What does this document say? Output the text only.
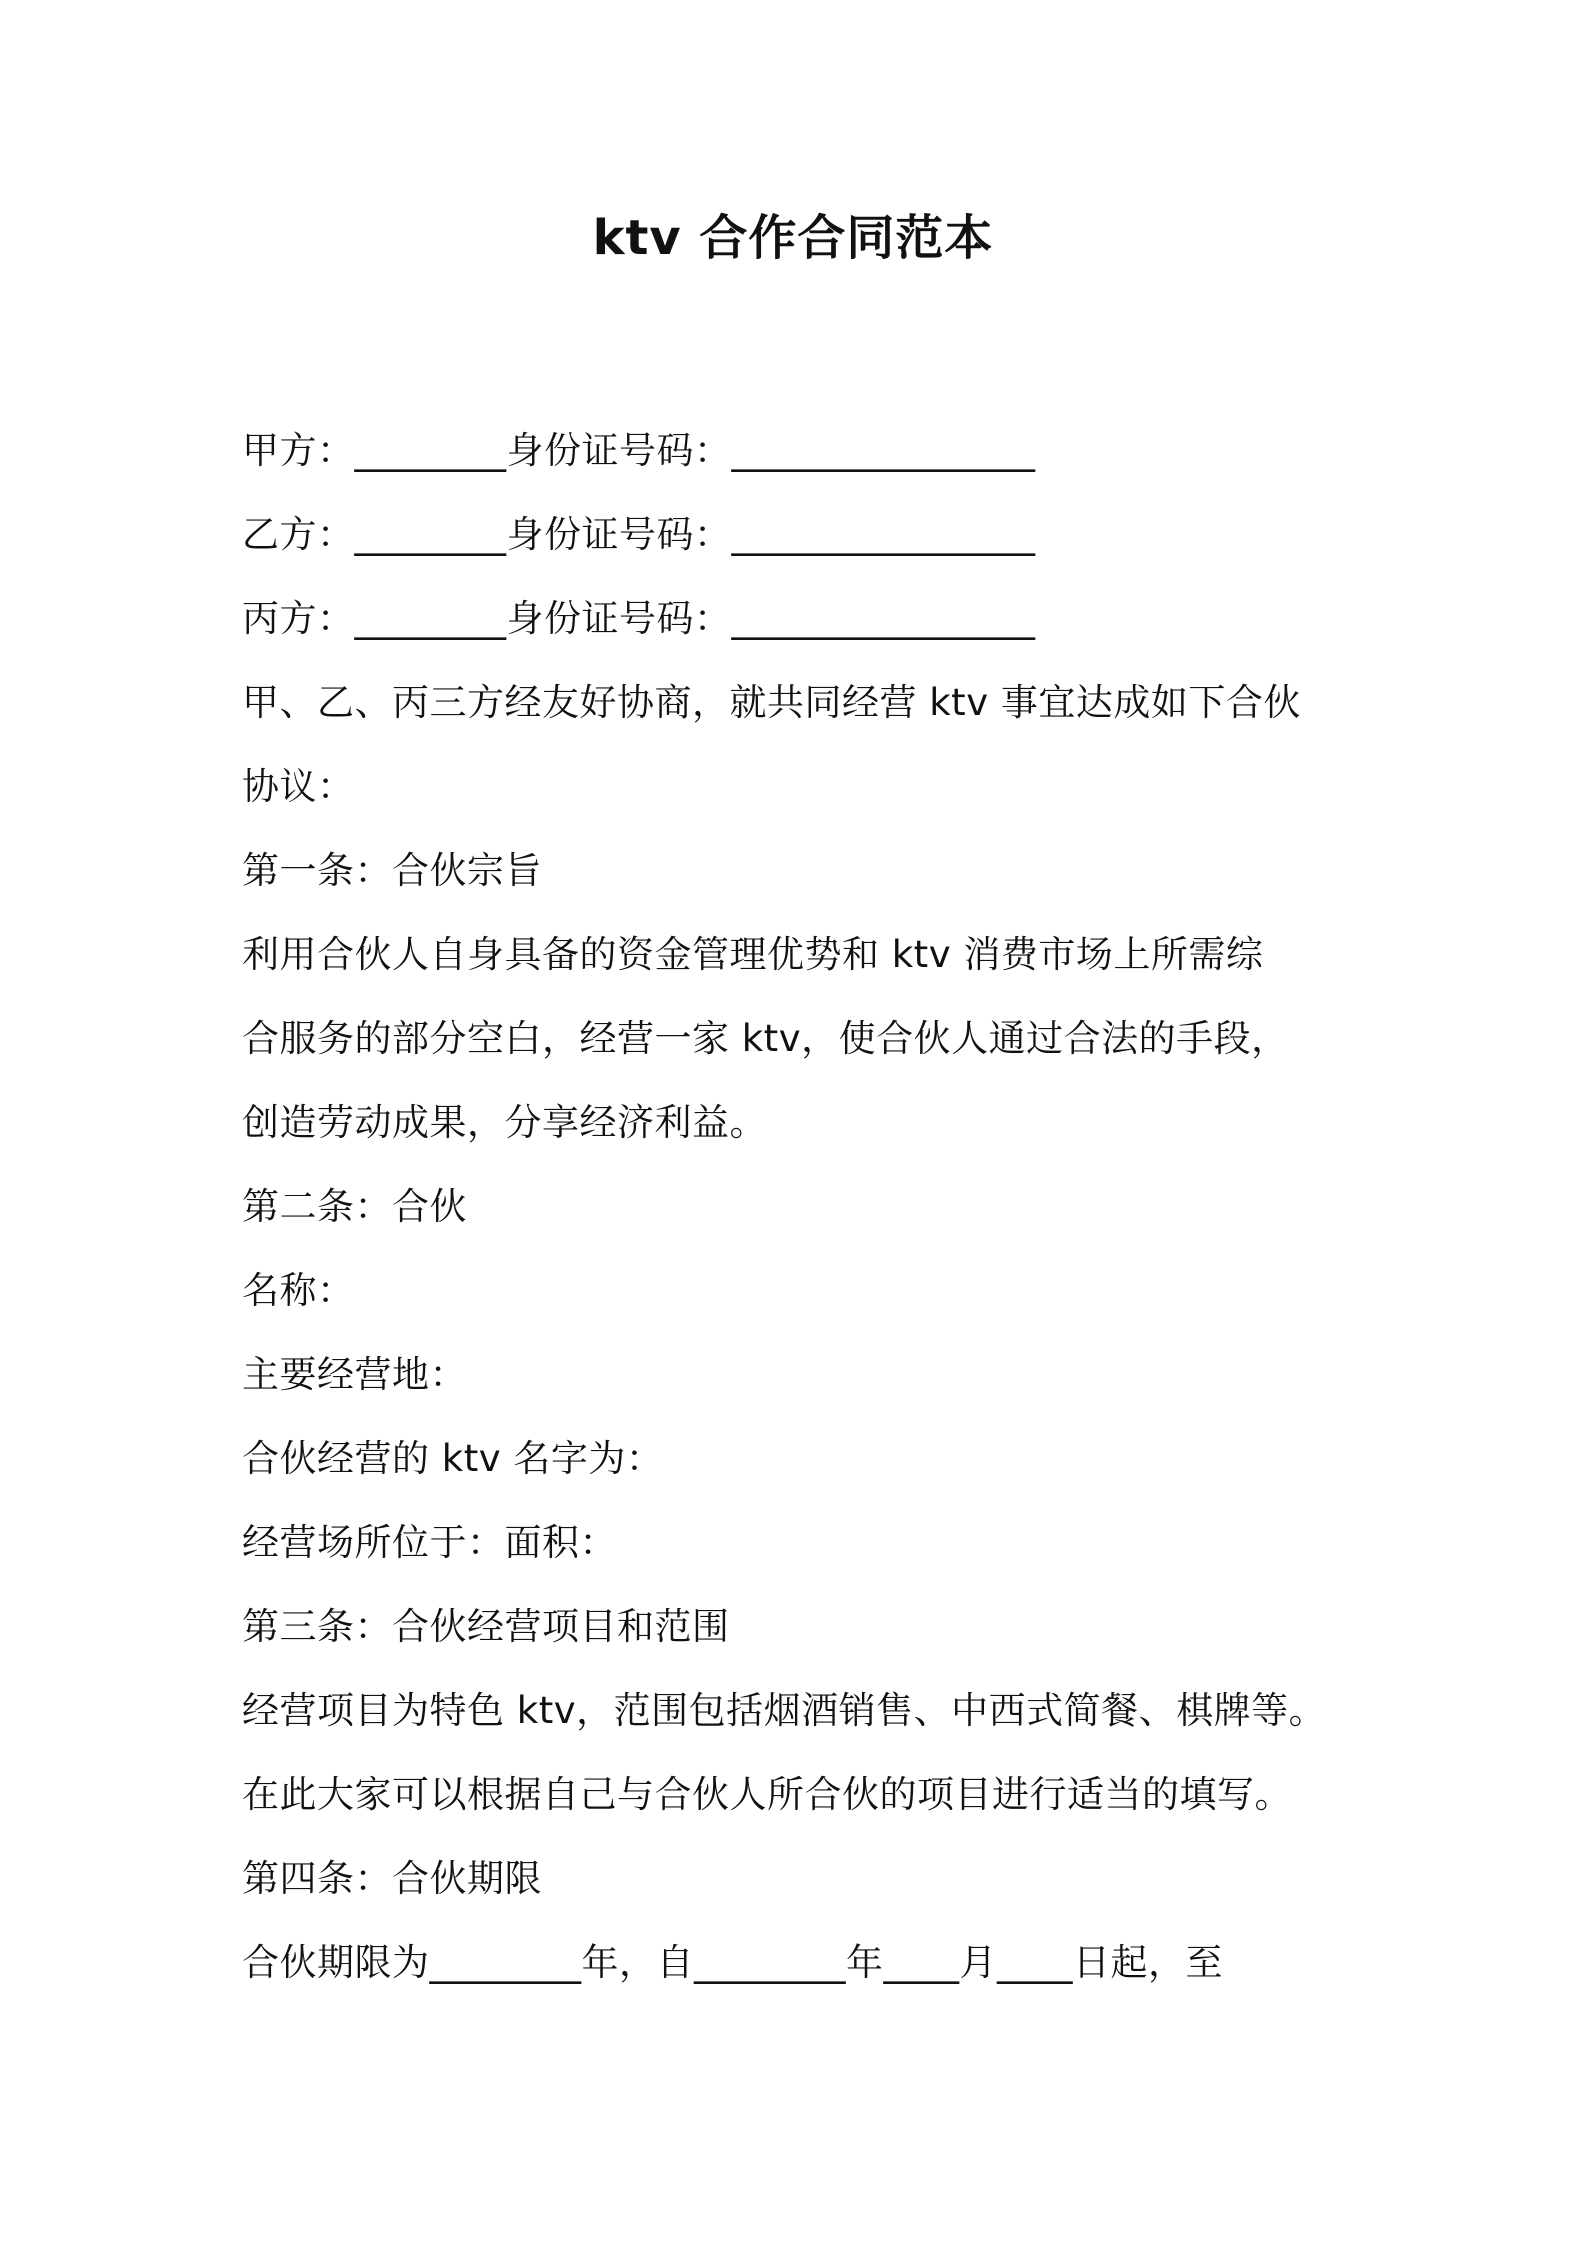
ktv 合作合同范本
甲方：________身份证号码：________________
乙方：________身份证号码：________________
丙方：________身份证号码：________________
甲、乙、丙三方经友好协商，就共同经营 ktv 事宜达成如下合伙
协议：
第一条：合伙宗旨
利用合伙人自身具备的资金管理优势和 ktv 消费市场上所需综
合服务的部分空白，经营一家 ktv，使合伙人通过合法的手段，
创造劳动成果，分享经济利益。
第二条：合伙
名称：
主要经营地：
合伙经营的 ktv 名字为：
经营场所位于：面积：
第三条：合伙经营项目和范围
经营项目为特色 ktv，范围包括烟酒销售、中西式简餐、棋牌等。
在此大家可以根据自己与合伙人所合伙的项目进行适当的填写。
第四条：合伙期限
合伙期限为________年，自________年____月____日起，至
